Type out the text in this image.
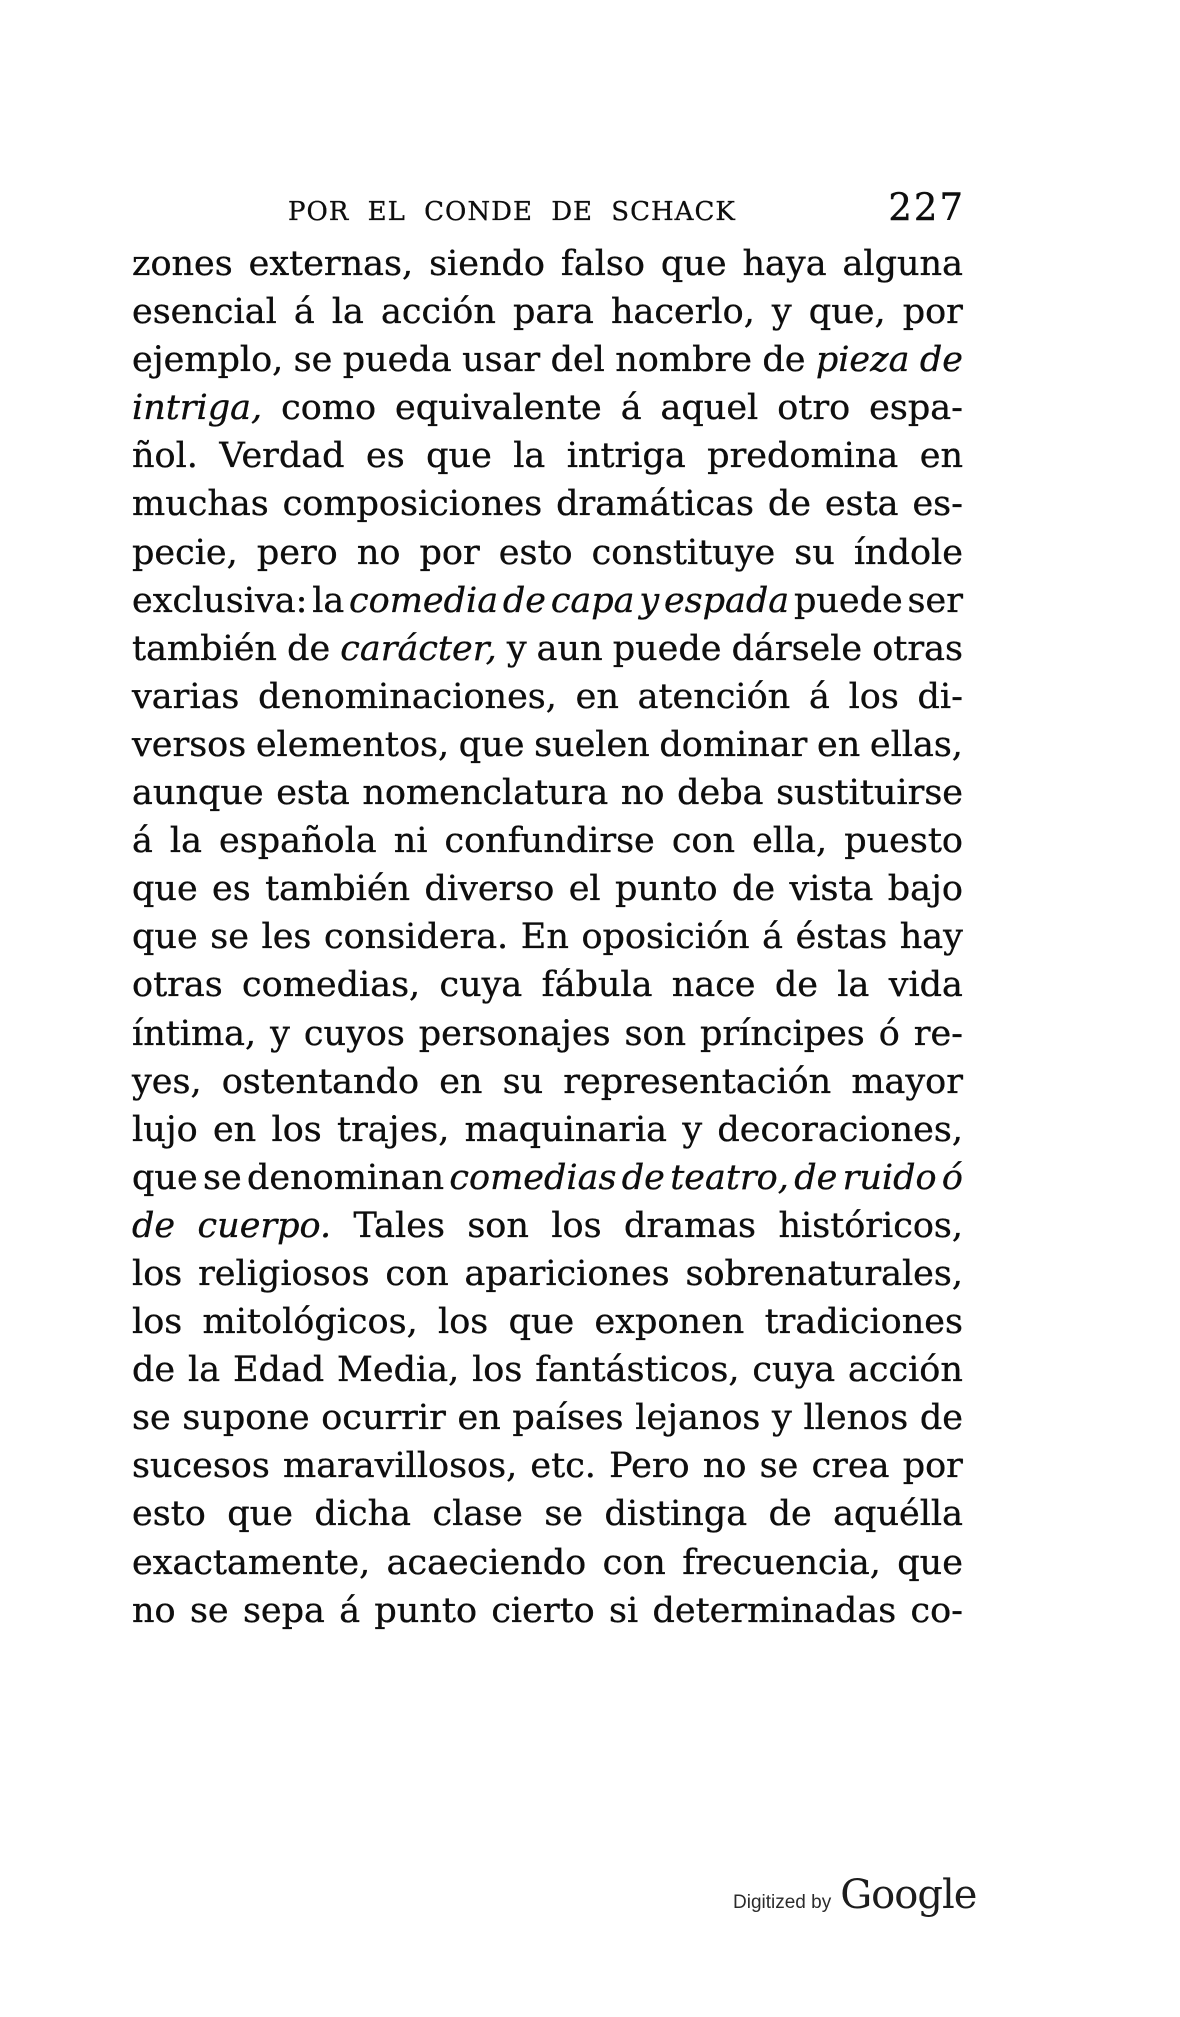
POR EL CONDE DE SCHACK	227
zones externas, siendo falso que haya alguna
esencial á la acción para hacerlo, y que, por
ejemplo, se pueda usar del nombre de pieza de
intriga, como equivalente á aquel otro espa-
ñol. Verdad es que la intriga predomina en
muchas composiciones dramáticas de esta es-
pecie, pero no por esto constituye su índole
exclusiva: la comedia de capa y espada puede ser
también de carácter, y aun puede dársele otras
varias denominaciones, en atención á los di-
versos elementos, que suelen dominar en ellas,
aunque esta nomenclatura no deba sustituirse
á la española ni confundirse con ella, puesto
que es también diverso el punto de vista bajo
que se les considera. En oposición á éstas hay
otras comedias, cuya fábula nace de la vida
íntima, y cuyos personajes son príncipes ó re-
yes, ostentando en su representación mayor
lujo en los trajes, maquinaria y decoraciones,
que se denominan comedias de teatro, de ruido ó
de cuerpo. Tales son los dramas históricos,
los religiosos con apariciones sobrenaturales,
los mitológicos, los que exponen tradiciones
de la Edad Media, los fantásticos, cuya acción
se supone ocurrir en países lejanos y llenos de
sucesos maravillosos, etc. Pero no se crea por
esto que dicha clase se distinga de aquélla
exactamente, acaeciendo con frecuencia, que
no se sepa á punto cierto si determinadas co-
Digitized by Google
